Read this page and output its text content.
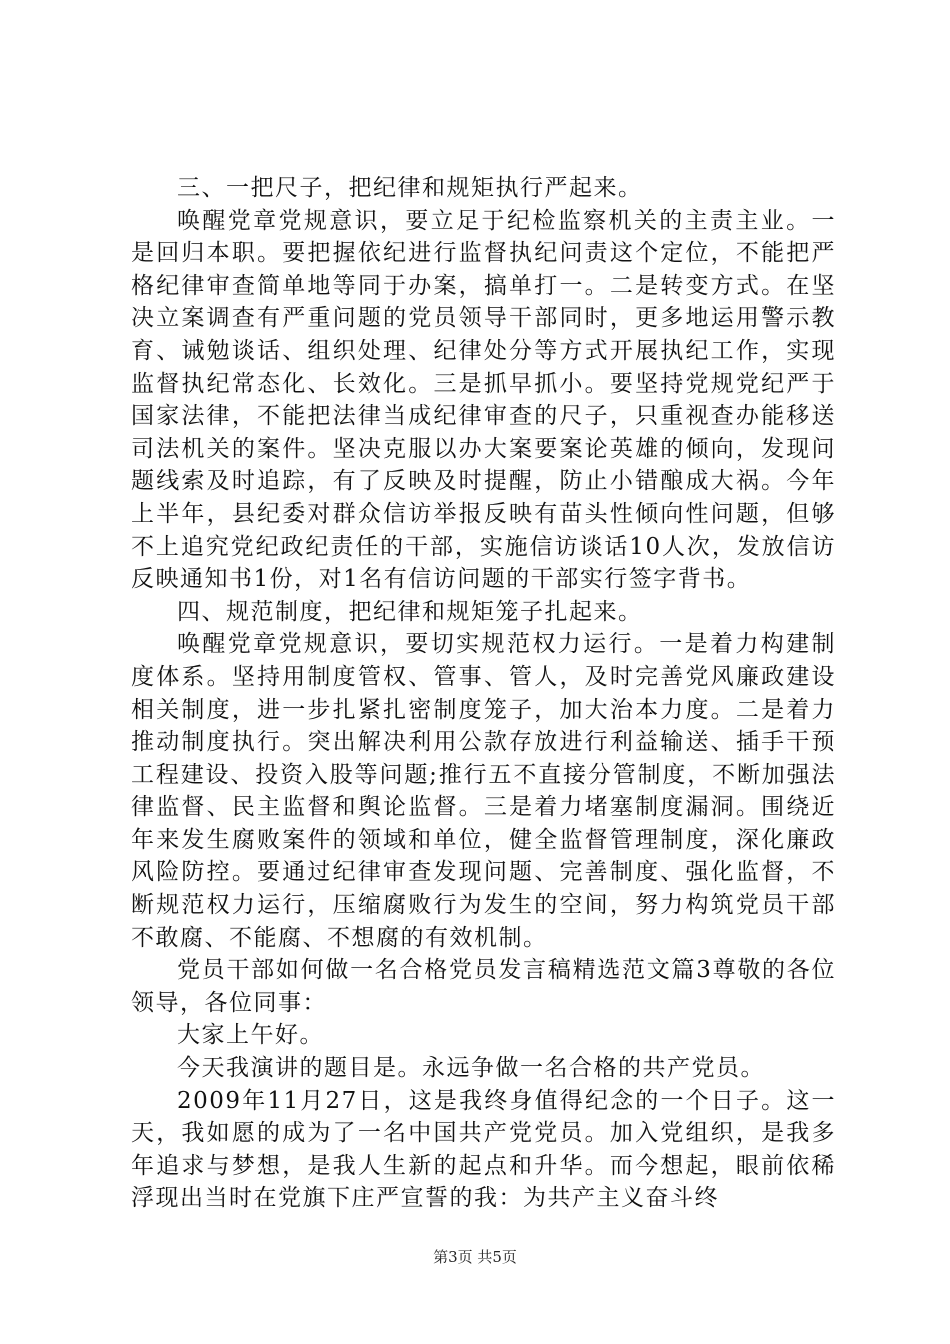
三、一把尺子，把纪律和规矩执行严起来。

唤醒党章党规意识，要立足于纪检监察机关的主责主业。一是回归本职。要把握依纪进行监督执纪问责这个定位，不能把严格纪律审查简单地等同于办案，搞单打一。二是转变方式。在坚决立案调查有严重问题的党员领导干部同时，更多地运用警示教育、诫勉谈话、组织处理、纪律处分等方式开展执纪工作，实现监督执纪常态化、长效化。三是抓早抓小。要坚持党规党纪严于国家法律，不能把法律当成纪律审查的尺子，只重视查办能移送司法机关的案件。坚决克服以办大案要案论英雄的倾向，发现问题线索及时追踪，有了反映及时提醒，防止小错酿成大祸。今年上半年，县纪委对群众信访举报反映有苗头性倾向性问题，但够不上追究党纪政纪责任的干部，实施信访谈话10人次，发放信访反映通知书1份，对1名有信访问题的干部实行签字背书。

四、规范制度，把纪律和规矩笼子扎起来。

唤醒党章党规意识，要切实规范权力运行。一是着力构建制度体系。坚持用制度管权、管事、管人，及时完善党风廉政建设相关制度，进一步扎紧扎密制度笼子，加大治本力度。二是着力推动制度执行。突出解决利用公款存放进行利益输送、插手干预工程建设、投资入股等问题;推行五不直接分管制度，不断加强法律监督、民主监督和舆论监督。三是着力堵塞制度漏洞。围绕近年来发生腐败案件的领域和单位，健全监督管理制度，深化廉政风险防控。要通过纪律审查发现问题、完善制度、强化监督，不断规范权力运行，压缩腐败行为发生的空间，努力构筑党员干部不敢腐、不能腐、不想腐的有效机制。

党员干部如何做一名合格党员发言稿精选范文篇3尊敬的各位领导，各位同事：

大家上午好。

今天我演讲的题目是。永远争做一名合格的共产党员。

2009年11月27日，这是我终身值得纪念的一个日子。这一天，我如愿的成为了一名中国共产党党员。加入党组织，是我多年追求与梦想，是我人生新的起点和升华。而今想起，眼前依稀浮现出当时在党旗下庄严宣誓的我：为共产主义奋斗终

第3页 共5页
